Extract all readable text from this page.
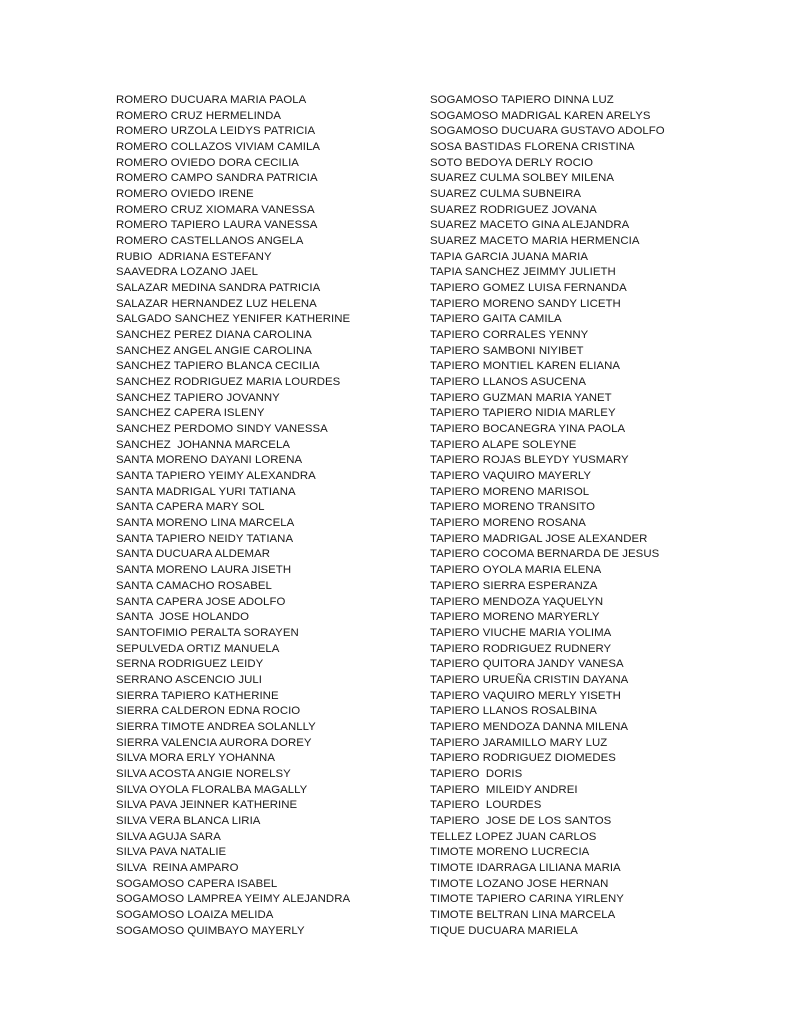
ROMERO DUCUARA MARIA PAOLA
ROMERO CRUZ HERMELINDA
ROMERO URZOLA LEIDYS PATRICIA
ROMERO COLLAZOS VIVIAM CAMILA
ROMERO OVIEDO DORA CECILIA
ROMERO CAMPO SANDRA PATRICIA
ROMERO OVIEDO IRENE
ROMERO CRUZ XIOMARA VANESSA
ROMERO TAPIERO LAURA VANESSA
ROMERO CASTELLANOS ANGELA
RUBIO  ADRIANA ESTEFANY
SAAVEDRA LOZANO JAEL
SALAZAR MEDINA SANDRA PATRICIA
SALAZAR HERNANDEZ LUZ HELENA
SALGADO SANCHEZ YENIFER KATHERINE
SANCHEZ PEREZ DIANA CAROLINA
SANCHEZ ANGEL ANGIE CAROLINA
SANCHEZ TAPIERO BLANCA CECILIA
SANCHEZ RODRIGUEZ MARIA LOURDES
SANCHEZ TAPIERO JOVANNY
SANCHEZ CAPERA ISLENY
SANCHEZ PERDOMO SINDY VANESSA
SANCHEZ  JOHANNA MARCELA
SANTA MORENO DAYANI LORENA
SANTA TAPIERO YEIMY ALEXANDRA
SANTA MADRIGAL YURI TATIANA
SANTA CAPERA MARY SOL
SANTA MORENO LINA MARCELA
SANTA TAPIERO NEIDY TATIANA
SANTA DUCUARA ALDEMAR
SANTA MORENO LAURA JISETH
SANTA CAMACHO ROSABEL
SANTA CAPERA JOSE ADOLFO
SANTA  JOSE HOLANDO
SANTOFIMIO PERALTA SORAYEN
SEPULVEDA ORTIZ MANUELA
SERNA RODRIGUEZ LEIDY
SERRANO ASCENCIO JULI
SIERRA TAPIERO KATHERINE
SIERRA CALDERON EDNA ROCIO
SIERRA TIMOTE ANDREA SOLANLLY
SIERRA VALENCIA AURORA DOREY
SILVA MORA ERLY YOHANNA
SILVA ACOSTA ANGIE NORELSY
SILVA OYOLA FLORALBA MAGALLY
SILVA PAVA JEINNER KATHERINE
SILVA VERA BLANCA LIRIA
SILVA AGUJA SARA
SILVA PAVA NATALIE
SILVA  REINA AMPARO
SOGAMOSO CAPERA ISABEL
SOGAMOSO LAMPREA YEIMY ALEJANDRA
SOGAMOSO LOAIZA MELIDA
SOGAMOSO QUIMBAYO MAYERLY
SOGAMOSO TAPIERO DINNA LUZ
SOGAMOSO MADRIGAL KAREN ARELYS
SOGAMOSO DUCUARA GUSTAVO ADOLFO
SOSA BASTIDAS FLORENA CRISTINA
SOTO BEDOYA DERLY ROCIO
SUAREZ CULMA SOLBEY MILENA
SUAREZ CULMA SUBNEIRA
SUAREZ RODRIGUEZ JOVANA
SUAREZ MACETO GINA ALEJANDRA
SUAREZ MACETO MARIA HERMENCIA
TAPIA GARCIA JUANA MARIA
TAPIA SANCHEZ JEIMMY JULIETH
TAPIERO GOMEZ LUISA FERNANDA
TAPIERO MORENO SANDY LICETH
TAPIERO GAITA CAMILA
TAPIERO CORRALES YENNY
TAPIERO SAMBONI NIYIBET
TAPIERO MONTIEL KAREN ELIANA
TAPIERO LLANOS ASUCENA
TAPIERO GUZMAN MARIA YANET
TAPIERO TAPIERO NIDIA MARLEY
TAPIERO BOCANEGRA YINA PAOLA
TAPIERO ALAPE SOLEYNE
TAPIERO ROJAS BLEYDY YUSMARY
TAPIERO VAQUIRO MAYERLY
TAPIERO MORENO MARISOL
TAPIERO MORENO TRANSITO
TAPIERO MORENO ROSANA
TAPIERO MADRIGAL JOSE ALEXANDER
TAPIERO COCOMA BERNARDA DE JESUS
TAPIERO OYOLA MARIA ELENA
TAPIERO SIERRA ESPERANZA
TAPIERO MENDOZA YAQUELYN
TAPIERO MORENO MARYERLY
TAPIERO VIUCHE MARIA YOLIMA
TAPIERO RODRIGUEZ RUDNERY
TAPIERO QUITORA JANDY VANESA
TAPIERO URUEÑA CRISTIN DAYANA
TAPIERO VAQUIRO MERLY YISETH
TAPIERO LLANOS ROSALBINA
TAPIERO MENDOZA DANNA MILENA
TAPIERO JARAMILLO MARY LUZ
TAPIERO RODRIGUEZ DIOMEDES
TAPIERO  DORIS
TAPIERO  MILEIDY ANDREI
TAPIERO  LOURDES
TAPIERO  JOSE DE LOS SANTOS
TELLEZ LOPEZ JUAN CARLOS
TIMOTE MORENO LUCRECIA
TIMOTE IDARRAGA LILIANA MARIA
TIMOTE LOZANO JOSE HERNAN
TIMOTE TAPIERO CARINA YIRLENY
TIMOTE BELTRAN LINA MARCELA
TIQUE DUCUARA MARIELA
